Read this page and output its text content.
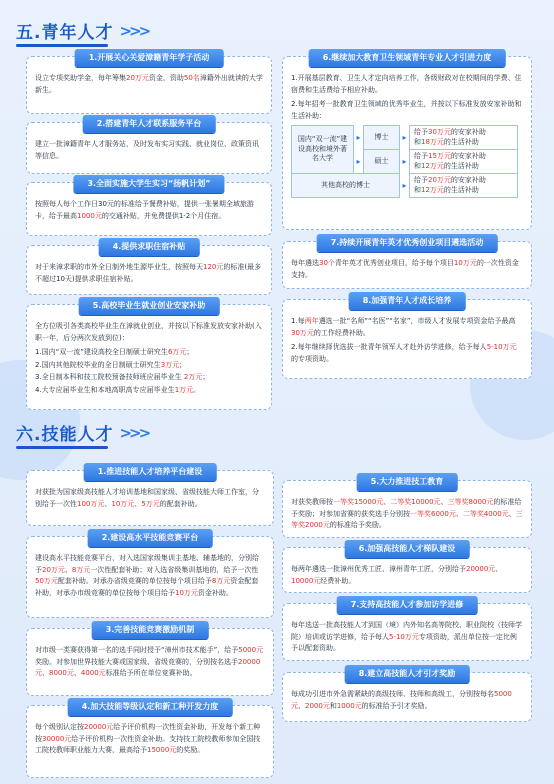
五.青年人才 >>>
1.开展关心关爱漳籍青年学子活动

设立专项奖助学金，每年筹集20万元资金，资助50名漳籍外出就读的大学新生。

2.搭建青年人才联系服务平台

建立一批漳籍青年人才服务站，及时发布实习实践、就业岗位、政策资讯等信息。

3.全面实施大学生实习“扬帆计划”

按照每人每个工作日30元的标准给予餐费补贴，提供一张暑期全域旅游卡，给予最高1000元的交通补贴，并免费提供1-2个月住宿。

4.提供求职住宿补贴

对于来漳求职的市外全日制外地生源毕业生，按照每天120元的标准(最多不超过10天)提供求职住宿补贴。

5.高校毕业生就业创业安家补助

全方位吸引各类高校毕业生在漳就业创业，并按以下标准发放安家补助(入职一年，后分两次发放到位)：

1.国内“双一流”建设高校全日制硕士研究生6万元；

2.国内其他院校毕业的全日制硕士研究生3万元；

3.全日制本科和技工院校预备技师班应届毕业生 2万元；

4.大专应届毕业生和本地高职高专应届毕业生1万元。

6.继续加大教育卫生领域青年专业人才引进力度

1.开展基层教育、卫生人才定向培养工作，各级财政对在校期间的学费、住宿费和生活费给予相应补助。

2.每年招考一批教育卫生领域的优秀毕业生，并按以下标准发放安家补助和生活补助：

国内“双一流”建设高校和境外著名大学	▸	博士	▸	给予30万元的安家补助
和18万元的生活补助

	▸	硕士	▸	给予15万元的安家补助
和12万元的生活补助

其他高校的博士			▸	给予20万元的安家补助
和12万元的生活补助
7.持续开展青年英才优秀创业项目遴选活动

每年遴选30个青年英才优秀创业项目，给予每个项目10万元的一次性资金支持。

8.加强青年人才成长培养

1.每两年遴选一批“名师”“名医”“名家”，市级人才发展专项资金给予最高30万元的工作经费补助。

2.每年继续择优选拔一批青年领军人才赴外访学进修，给予每人5-10万元的专项资助。

六.技能人才 >>>
1.推进技能人才培养平台建设

对获批为国家级高技能人才培训基地和国家级、省级技能大师工作室，分别给予一次性100万元、10万元、5万元的配套补助。

2.建设高水平技能竞赛平台

建设高水平技能竞赛平台，对入选国家级集训主基地、辅基地的，分别给予20万元、8万元一次性配套补助；对入选省级集训基地的，给予一次性50万元配套补助。对承办省级竞赛的单位按每个项目给予8万元资金配套补助，对承办市级竞赛的单位按每个项目给予10万元资金补助。

3.完善技能竞赛激励机制

对市级一类赛获得第一名的选手同时授予“漳州市技术能手”，给予5000元奖励。对参加世界技能大赛或国家级、省级竞赛的，分别按名选手20000元、8000元、4000元标准给予所在单位竞赛补助。

4.加大技能等级认定和新工种开发力度

每个级别认定按20000元给予评价机构一次性资金补助，开发每个新工种按30000元给予评价机构一次性资金补助。支持技工院校教师参加全国技工院校教师职业能力大赛，最高给予15000元的奖励。

5.大力推进技工教育

对获奖教师按一等奖15000元、二等奖10000元、三等奖8000元的标准给予奖励；对参加省赛的获奖选手分别按一等奖6000元、二等奖4000元、三等奖2000元的标准给予奖励。

6.加强高技能人才梯队建设

每两年遴选一批漳州优秀工匠、漳州青年工匠，分别给予20000元、10000元经费补助。

7.支持高技能人才参加访学进修

每年选送一批高技能人才到国（境）内外知名高等院校、职业院校（技师学院）培训或访学进修，给予每人5-10万元专项资助，派出单位按一定比例予以配套资助。

8.建立高技能人才引才奖励

每成功引进市外急需紧缺的高级技师、技师和高级工，分别按每名5000元、2000元和1000元的标准给予引才奖励。
